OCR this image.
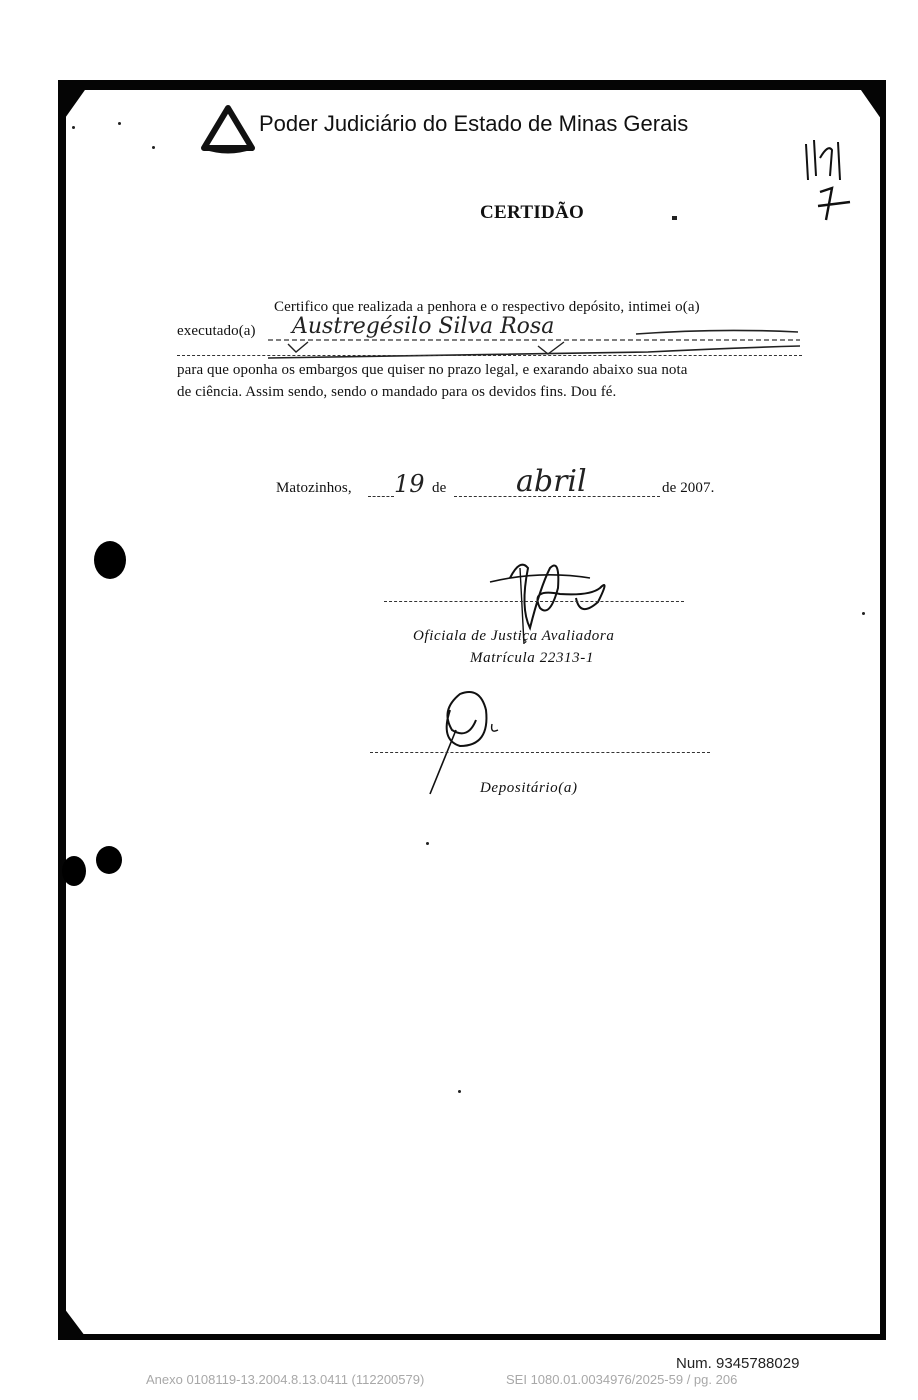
Poder Judiciário do Estado de Minas Gerais
CERTIDÃO
Certifico que realizada a penhora e o respectivo depósito, intimei o(a)
executado(a) Austregésilo Silva Rosa
para que oponha os embargos que quiser no prazo legal, e exarando abaixo sua nota
de ciência. Assim sendo, sendo o mandado para os devidos fins. Dou fé.
Matozinhos, 19 de abril	de 2007.
Oficiala de Justiça Avaliadora
Matrícula 22313-1
Depositário(a)
Num. 9345788029
Anexo 0108119-13.2004.8.13.0411 (112200579)	SEI 1080.01.0034976/2025-59 / pg. 206
